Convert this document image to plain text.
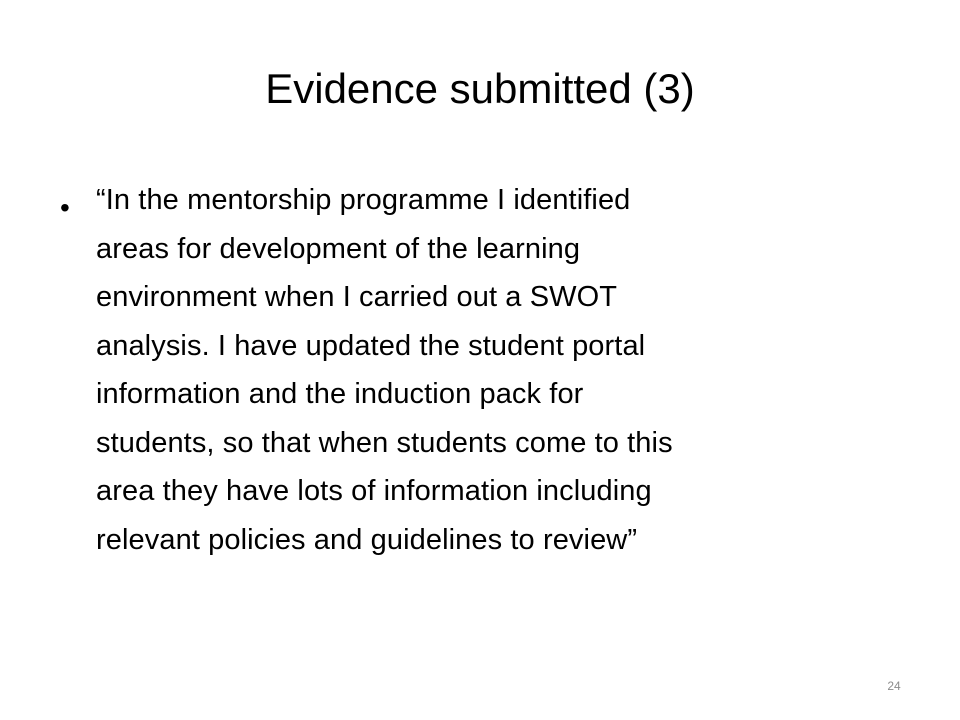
Evidence submitted (3)
• “In the mentorship programme I identified
areas for development of the learning
environment when I carried out a SWOT
analysis. I have updated the student portal
information and the induction pack for
students, so that when students come to this
area they have lots of information including
relevant policies and guidelines to review”
24
